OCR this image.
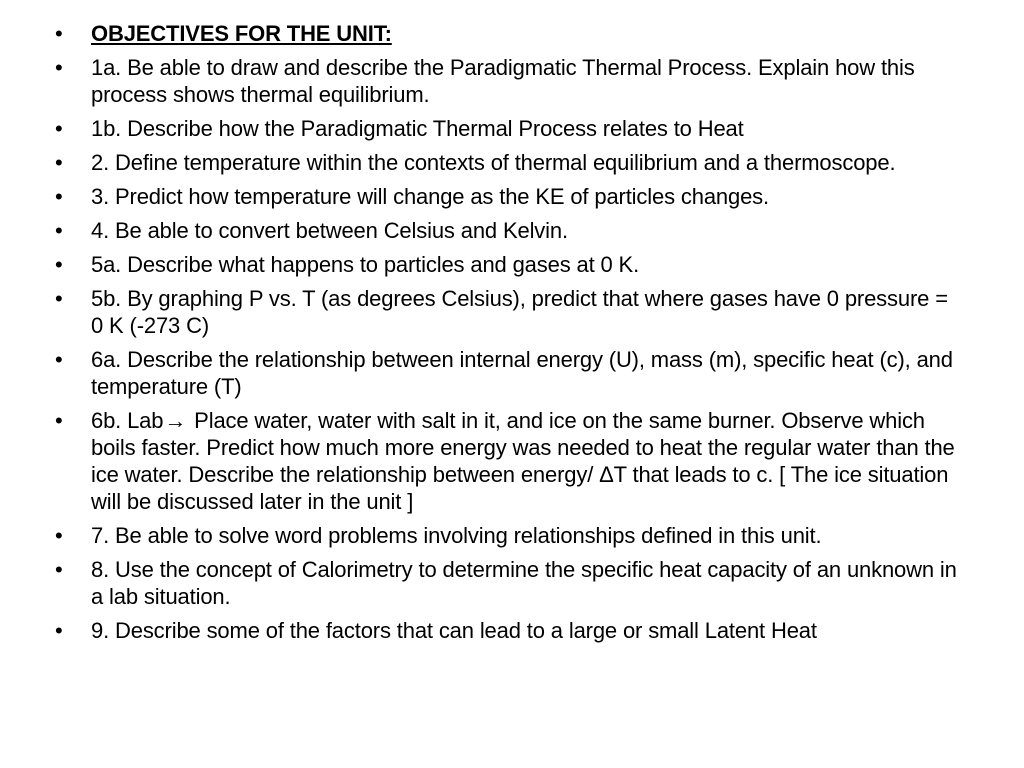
•	OBJECTIVES FOR THE UNIT:
•	1a. Be able to draw and describe the Paradigmatic Thermal Process. Explain how this process shows thermal equilibrium.
•	1b. Describe how the Paradigmatic Thermal Process relates to Heat
•	2. Define temperature within the contexts of thermal equilibrium and a thermoscope.
•	3. Predict how temperature will change as the KE of particles changes.
•	4. Be able to convert between Celsius and Kelvin.
•	5a. Describe what happens to particles and gases at 0 K.
•	5b. By graphing P vs. T (as degrees Celsius), predict that where gases have 0 pressure = 0 K (-273 C)
•	6a. Describe the relationship between internal energy (U), mass (m), specific heat (c), and temperature (T)
•	6b. Lab→ Place water, water with salt in it, and ice on the same burner. Observe which boils faster. Predict how much more energy was needed to heat the regular water than the ice water. Describe the relationship between energy/ ΔT that leads to c. [ The ice situation will be discussed later in the unit ]
•	7. Be able to solve word problems involving relationships defined in this unit.
•	8. Use the concept of Calorimetry to determine the specific heat capacity of an unknown in a lab situation.
•	9. Describe some of the factors that can lead to a large or small Latent Heat
